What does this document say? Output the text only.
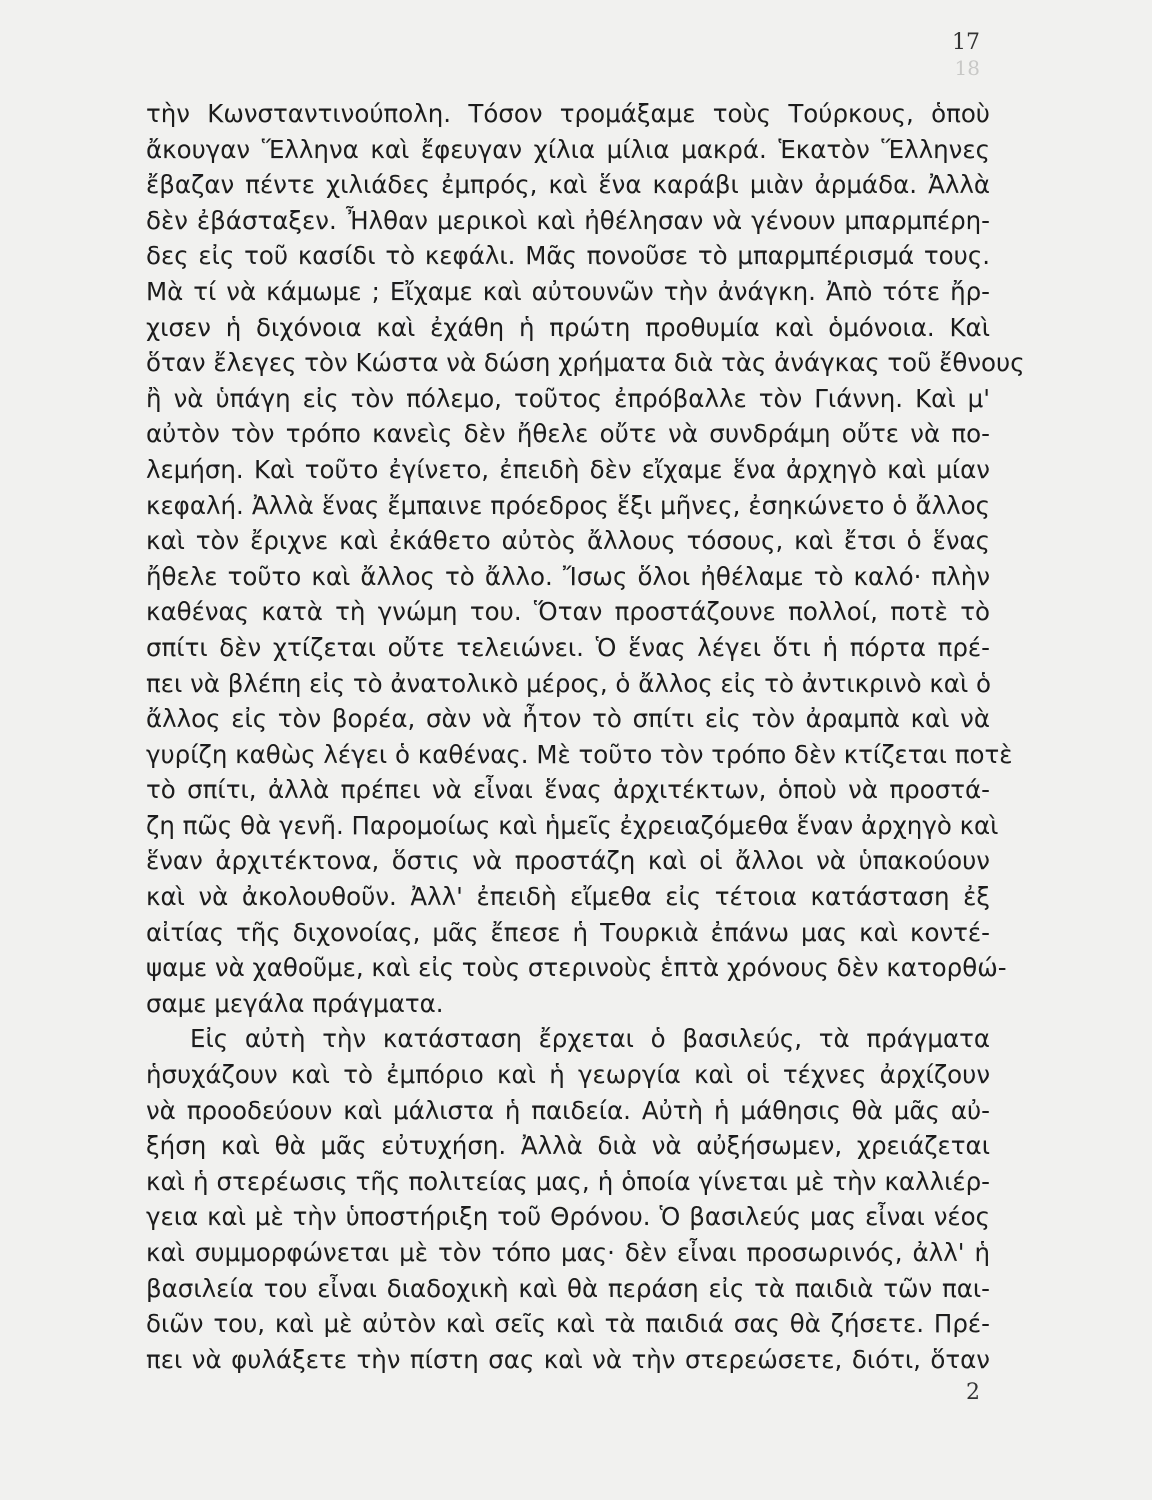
18
17
τὴν Κωνσταντινούπολη. Τόσον τρομάξαμε τοὺς Τούρκους, ὁποὺ
ἄκουγαν Ἕλληνα καὶ ἔφευγαν χίλια μίλια μακρά. Ἑκατὸν Ἕλληνες
ἔβαζαν πέντε χιλιάδες ἐμπρός, καὶ ἕνα καράβι μιὰν ἀρμάδα. Ἀλλὰ
δὲν ἐβάσταξεν. Ἦλθαν μερικοὶ καὶ ἠθέλησαν νὰ γένουν μπαρμπέρη-
δες εἰς τοῦ κασίδι τὸ κεφάλι. Μᾶς πονοῦσε τὸ μπαρμπέρισμά τους.
Μὰ τί νὰ κάμωμε ; Εἴχαμε καὶ αὐτουνῶν τὴν ἀνάγκη. Ἀπὸ τότε ἤρ-
χισεν ἡ διχόνοια καὶ ἐχάθη ἡ πρώτη προθυμία καὶ ὁμόνοια. Καὶ
ὅταν ἔλεγες τὸν Κώστα νὰ δώση χρήματα διὰ τὰς ἀνάγκας τοῦ ἔθνους
ἢ νὰ ὑπάγη εἰς τὸν πόλεμο, τοῦτος ἐπρόβαλλε τὸν Γιάννη. Καὶ μ'
αὐτὸν τὸν τρόπο κανεὶς δὲν ἤθελε οὔτε νὰ συνδράμη οὔτε νὰ πο-
λεμήση. Καὶ τοῦτο ἐγίνετο, ἐπειδὴ δὲν εἴχαμε ἕνα ἀρχηγὸ καὶ μίαν
κεφαλή. Ἀλλὰ ἕνας ἔμπαινε πρόεδρος ἕξι μῆνες, ἐσηκώνετο ὁ ἄλλος
καὶ τὸν ἔριχνε καὶ ἐκάθετο αὐτὸς ἄλλους τόσους, καὶ ἔτσι ὁ ἕνας
ἤθελε τοῦτο καὶ ἄλλος τὸ ἄλλο. Ἴσως ὅλοι ἠθέλαμε τὸ καλό· πλὴν
καθένας κατὰ τὴ γνώμη του. Ὅταν προστάζουνε πολλοί, ποτὲ τὸ
σπίτι δὲν χτίζεται οὔτε τελειώνει. Ὁ ἕνας λέγει ὅτι ἡ πόρτα πρέ-
πει νὰ βλέπη εἰς τὸ ἀνατολικὸ μέρος, ὁ ἄλλος εἰς τὸ ἀντικρινὸ καὶ ὁ
ἄλλος εἰς τὸν βορέα, σὰν νὰ ἦτον τὸ σπίτι εἰς τὸν ἀραμπὰ καὶ νὰ
γυρίζη καθὼς λέγει ὁ καθένας. Μὲ τοῦτο τὸν τρόπο δὲν κτίζεται ποτὲ
τὸ σπίτι, ἀλλὰ πρέπει νὰ εἶναι ἕνας ἀρχιτέκτων, ὁποὺ νὰ προστά-
ζη πῶς θὰ γενῆ. Παρομοίως καὶ ἡμεῖς ἐχρειαζόμεθα ἕναν ἀρχηγὸ καὶ
ἕναν ἀρχιτέκτονα, ὅστις νὰ προστάζη καὶ οἱ ἄλλοι νὰ ὑπακούουν
καὶ νὰ ἀκολουθοῦν. Ἀλλ' ἐπειδὴ εἴμεθα εἰς τέτοια κατάσταση ἐξ
αἰτίας τῆς διχονοίας, μᾶς ἔπεσε ἡ Τουρκιὰ ἐπάνω μας καὶ κοντέ-
ψαμε νὰ χαθοῦμε, καὶ εἰς τοὺς στερινοὺς ἑπτὰ χρόνους δὲν κατορθώ-
σαμε μεγάλα πράγματα.
Εἰς αὐτὴ τὴν κατάσταση ἔρχεται ὁ βασιλεύς, τὰ πράγματα
ἡσυχάζουν καὶ τὸ ἐμπόριο καὶ ἡ γεωργία καὶ οἱ τέχνες ἀρχίζουν
νὰ προοδεύουν καὶ μάλιστα ἡ παιδεία. Αὐτὴ ἡ μάθησις θὰ μᾶς αὐ-
ξήση καὶ θὰ μᾶς εὐτυχήση. Ἀλλὰ διὰ νὰ αὐξήσωμεν, χρειάζεται
καὶ ἡ στερέωσις τῆς πολιτείας μας, ἡ ὁποία γίνεται μὲ τὴν καλλιέρ-
γεια καὶ μὲ τὴν ὑποστήριξη τοῦ Θρόνου. Ὁ βασιλεύς μας εἶναι νέος
καὶ συμμορφώνεται μὲ τὸν τόπο μας· δὲν εἶναι προσωρινός, ἀλλ' ἡ
βασιλεία του εἶναι διαδοχικὴ καὶ θὰ περάση εἰς τὰ παιδιὰ τῶν παι-
διῶν του, καὶ μὲ αὐτὸν καὶ σεῖς καὶ τὰ παιδιά σας θὰ ζήσετε. Πρέ-
πει νὰ φυλάξετε τὴν πίστη σας καὶ νὰ τὴν στερεώσετε, διότι, ὅταν
2
